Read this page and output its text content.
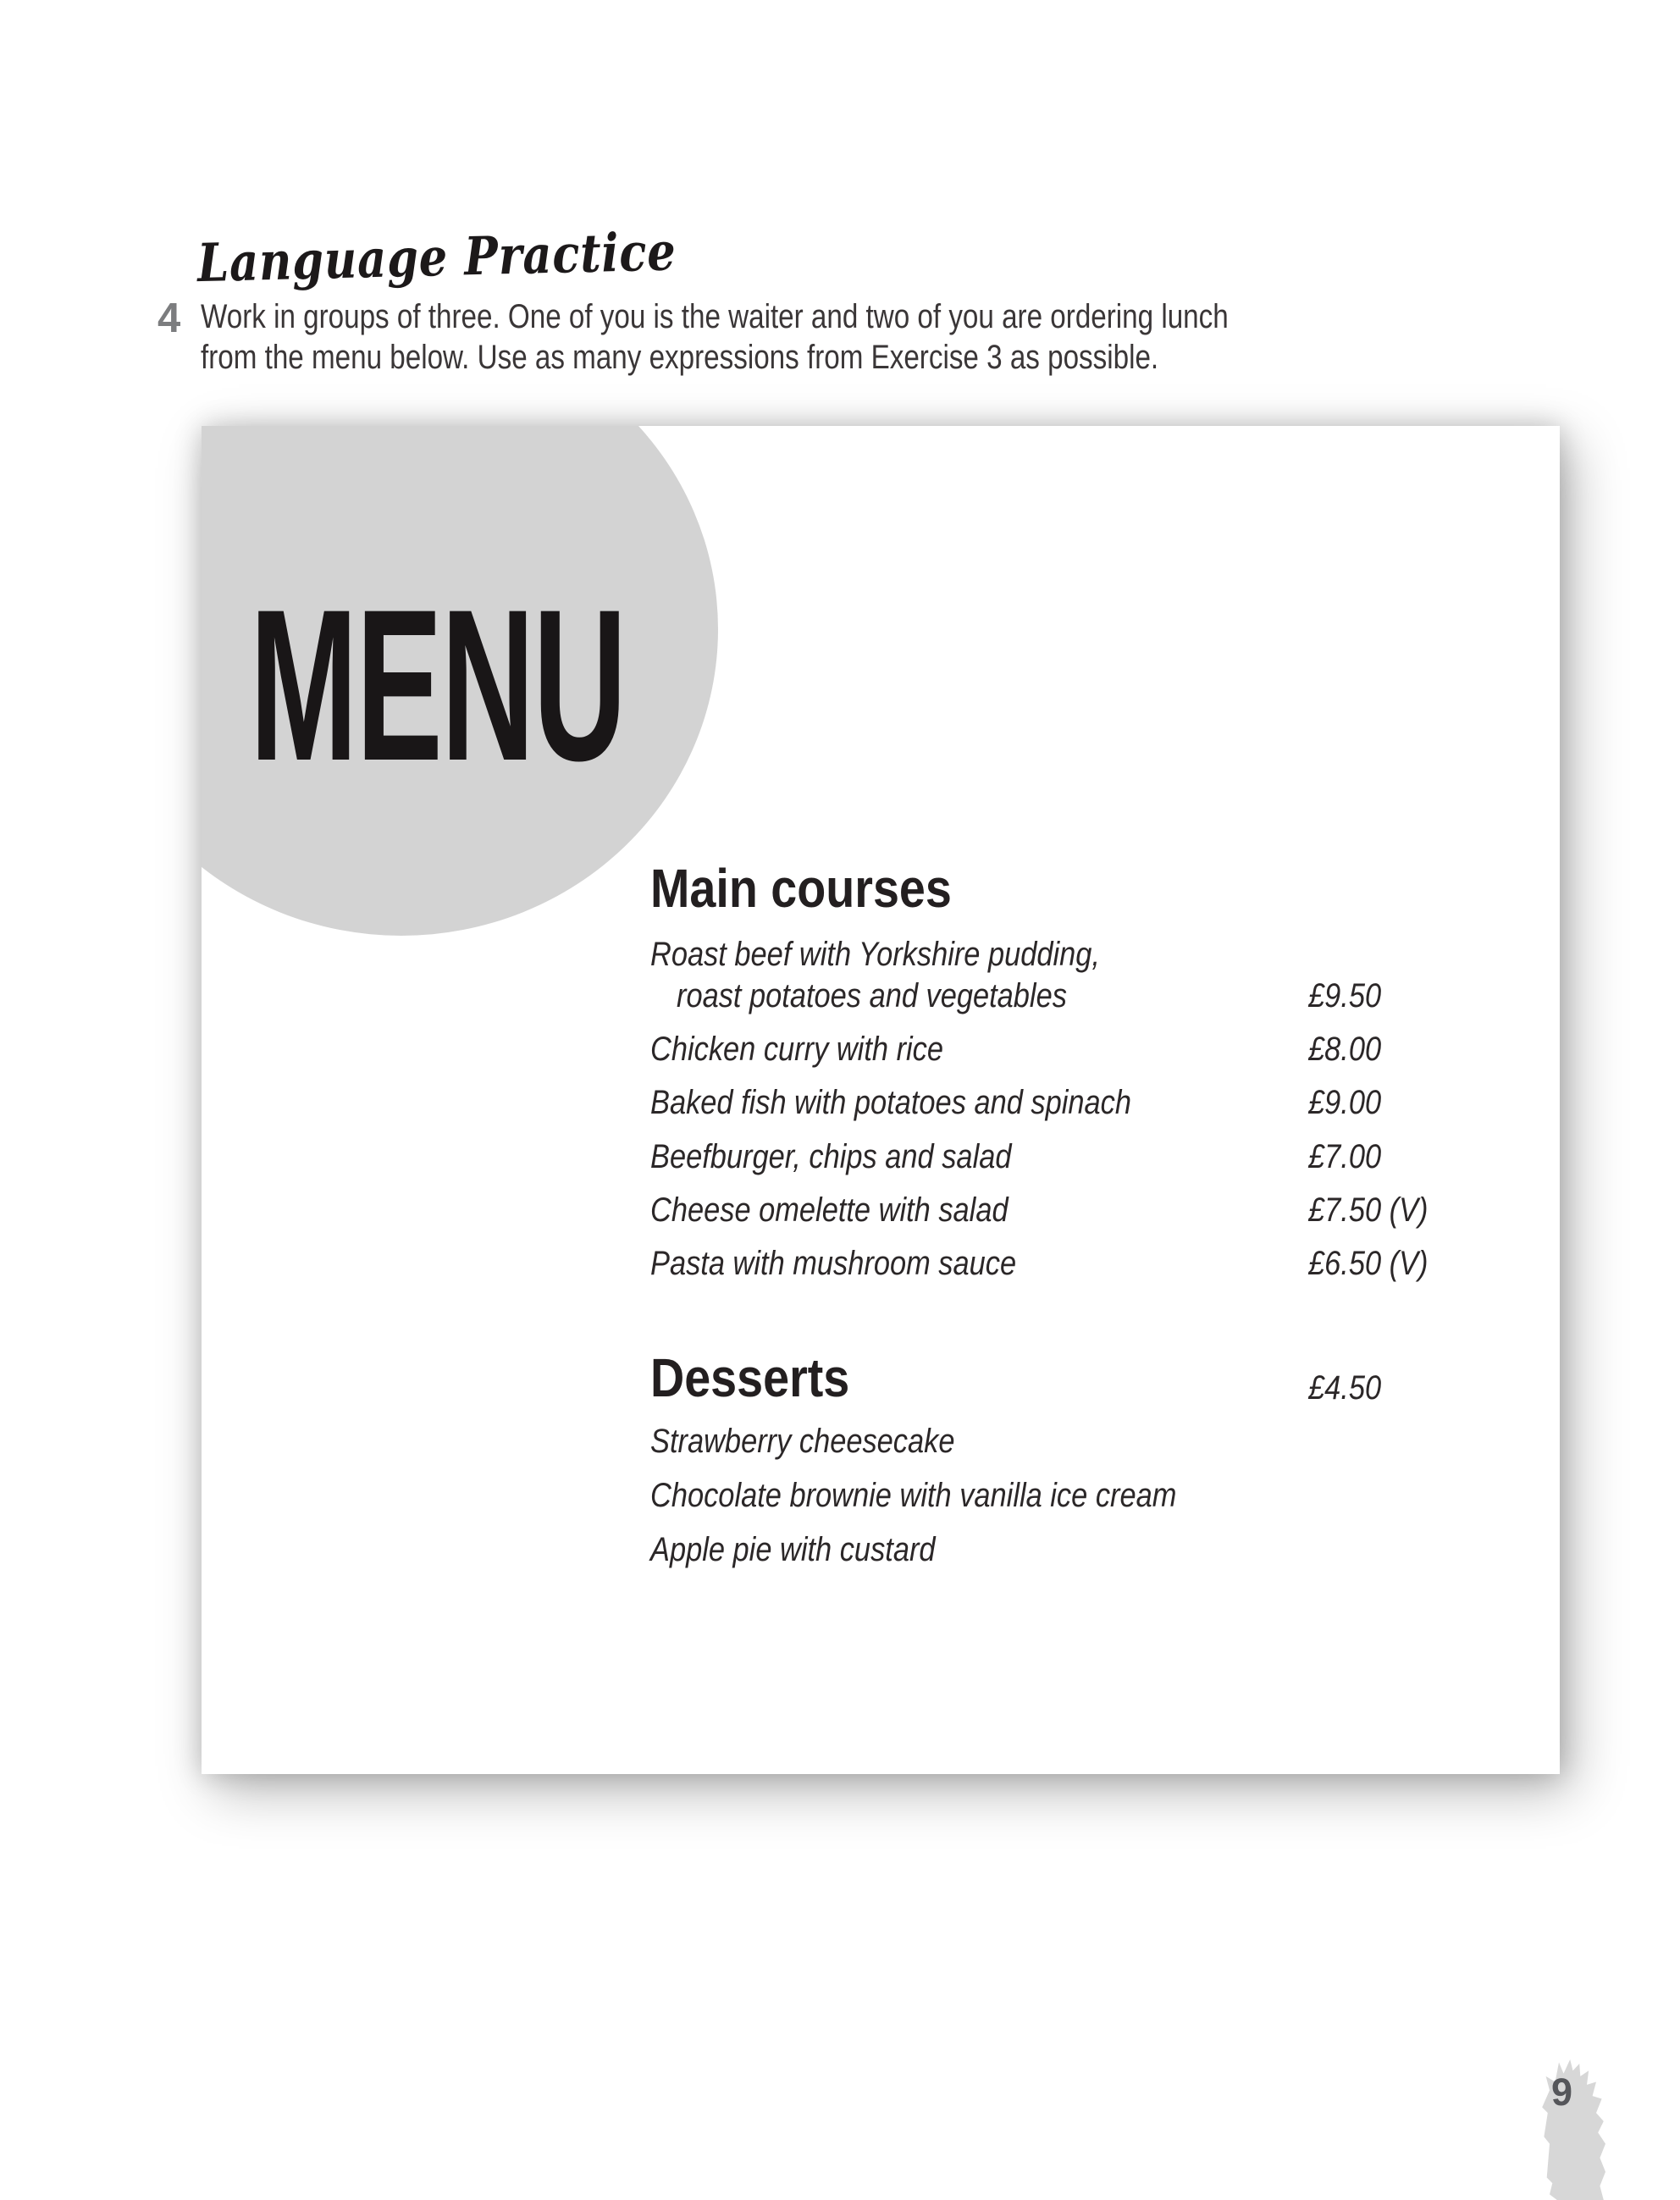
Language Practice
4 Work in groups of three. One of you is the waiter and two of you are ordering lunch
from the menu below. Use as many expressions from Exercise 3 as possible.
MENU
Main courses
Roast beef with Yorkshire pudding,
roast potatoes and vegetables	£9.50
Chicken curry with rice	£8.00
Baked fish with potatoes and spinach	£9.00
Beefburger, chips and salad	£7.00
Cheese omelette with salad	£7.50 (V)
Pasta with mushroom sauce	£6.50 (V)
Desserts	£4.50
Strawberry cheesecake
Chocolate brownie with vanilla ice cream
Apple pie with custard
9
